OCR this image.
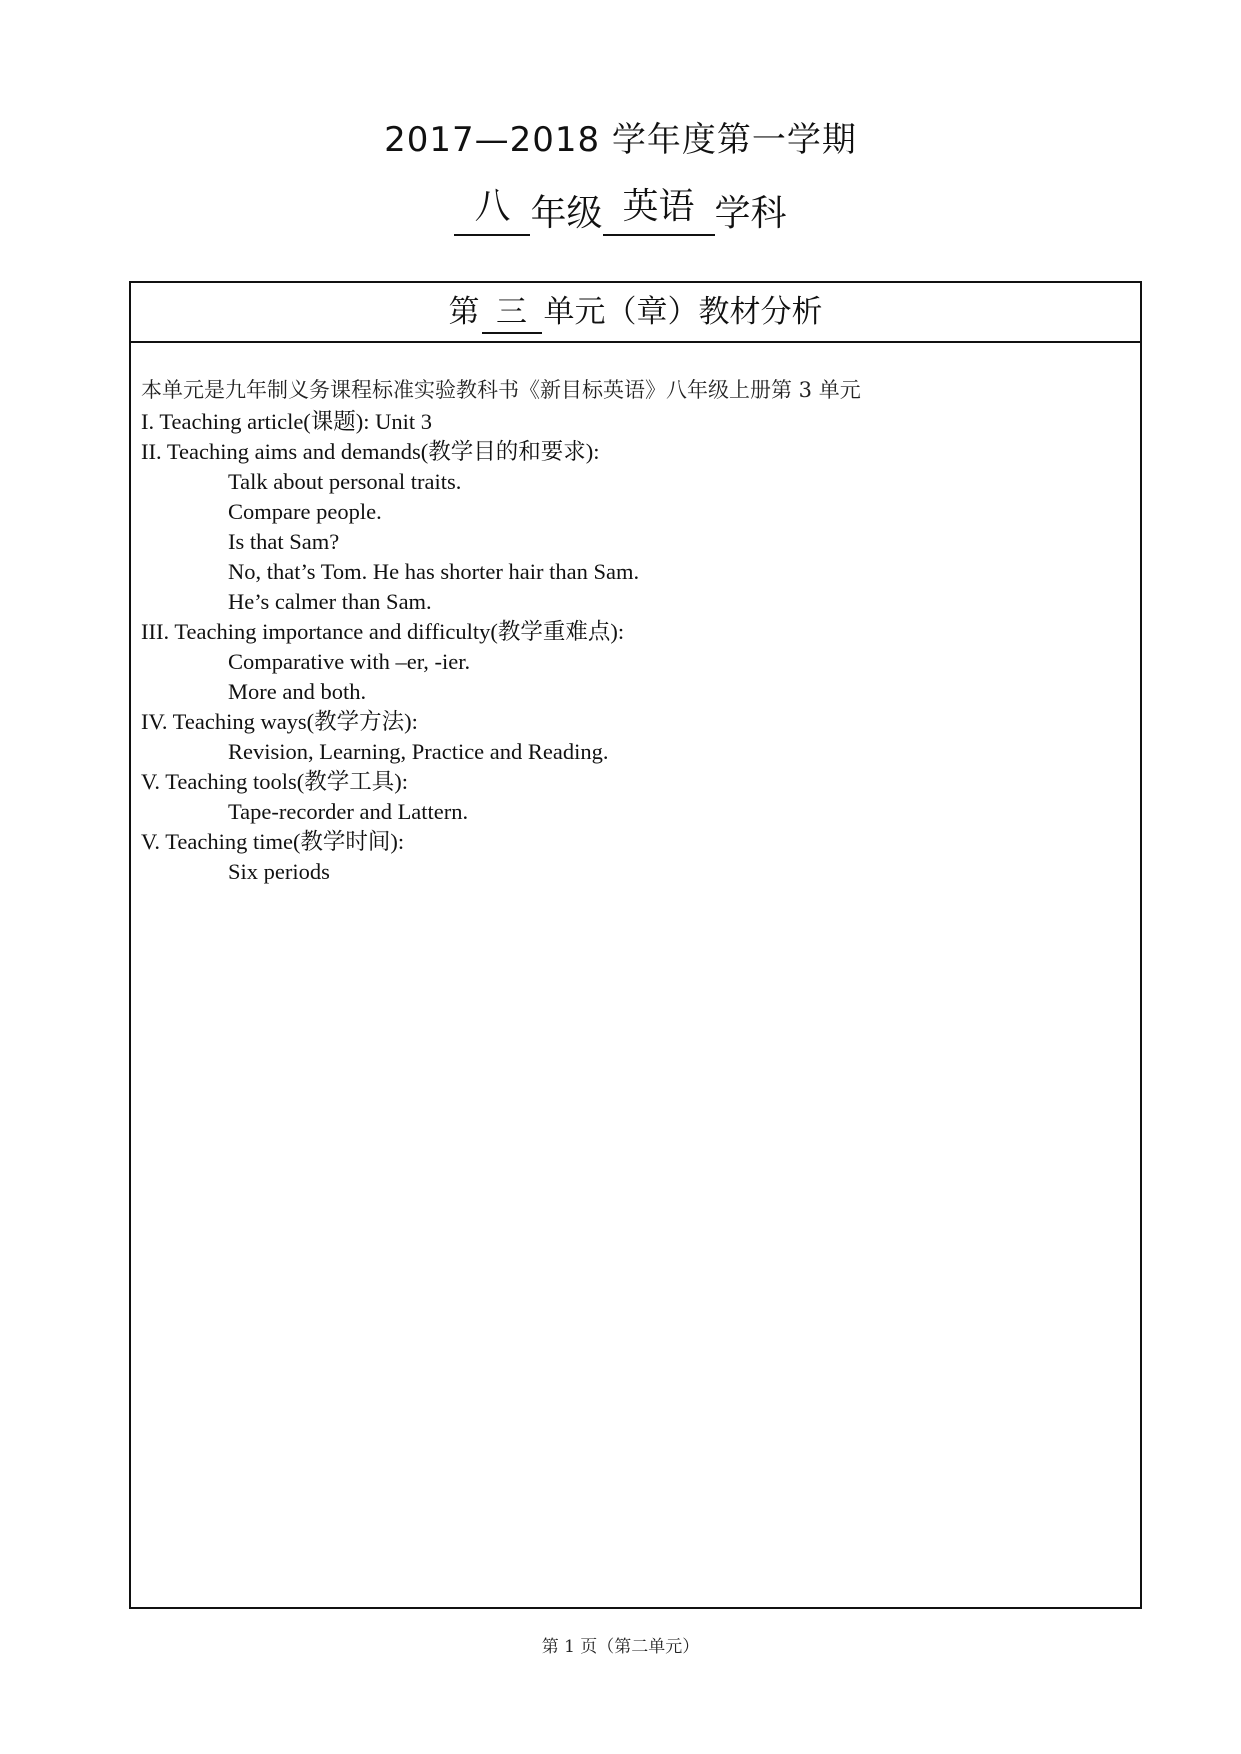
2017—2018 学年度第一学期
八 年级 英语 学科
第 三 单元（章）教材分析
本单元是九年制义务课程标准实验教科书《新目标英语》八年级上册第 3 单元
I. Teaching article(课题): Unit 3
II. Teaching aims and demands(教学目的和要求):
Talk about personal traits.
Compare people.
Is that Sam?
No, that’s Tom. He has shorter hair than Sam.
He’s calmer than Sam.
III. Teaching importance and difficulty(教学重难点):
Comparative with –er, -ier.
More and both.
IV. Teaching ways(教学方法):
Revision, Learning, Practice and Reading.
V. Teaching tools(教学工具):
Tape-recorder and Lattern.
V. Teaching time(教学时间):
Six periods
第 1 页（第二单元）
